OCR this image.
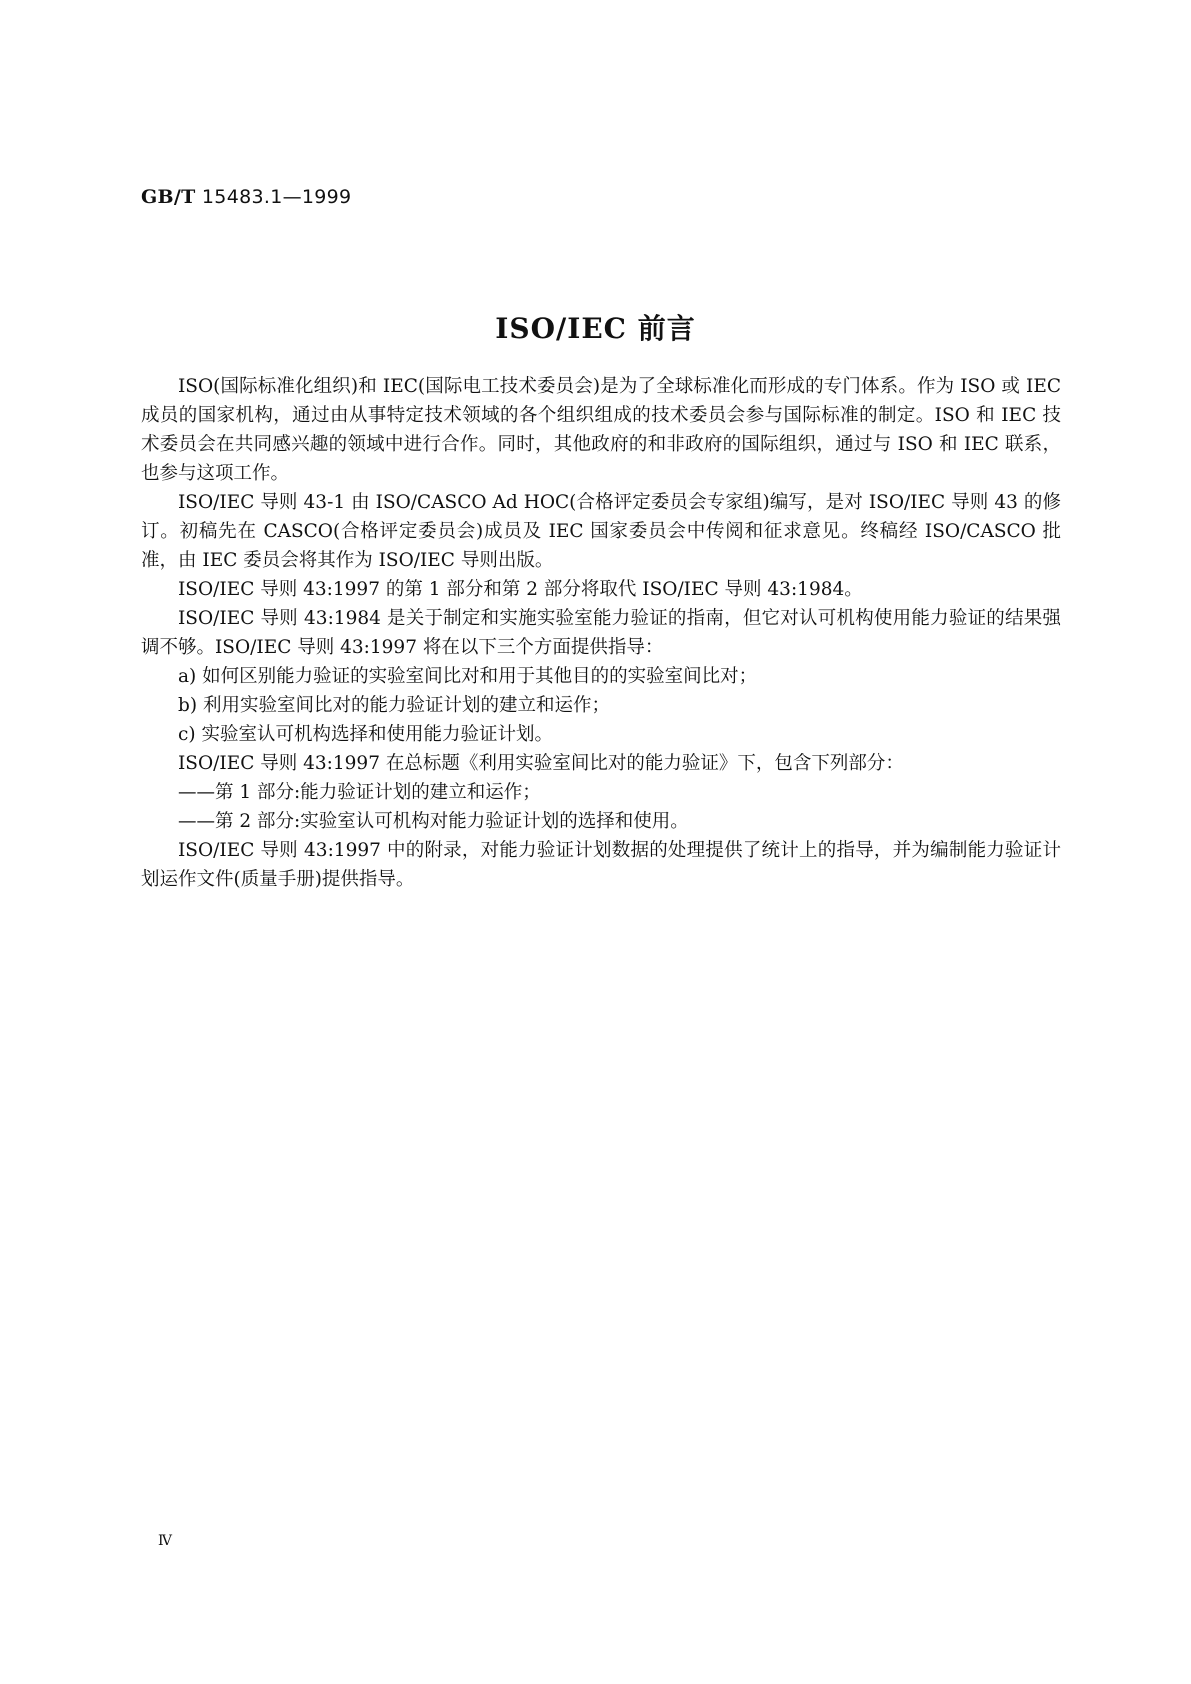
GB/T 15483.1—1999
ISO/IEC 前言

ISO(国际标准化组织)和 IEC(国际电工技术委员会)是为了全球标准化而形成的专门体系。作为 ISO 或 IEC 成员的国家机构，通过由从事特定技术领域的各个组织组成的技术委员会参与国际标准的制定。ISO 和 IEC 技术委员会在共同感兴趣的领域中进行合作。同时，其他政府的和非政府的国际组织，通过与 ISO 和 IEC 联系，也参与这项工作。

ISO/IEC 导则 43-1 由 ISO/CASCO Ad HOC(合格评定委员会专家组)编写，是对 ISO/IEC 导则 43 的修订。初稿先在 CASCO(合格评定委员会)成员及 IEC 国家委员会中传阅和征求意见。终稿经 ISO/CASCO 批准，由 IEC 委员会将其作为 ISO/IEC 导则出版。

ISO/IEC 导则 43:1997 的第 1 部分和第 2 部分将取代 ISO/IEC 导则 43:1984。

ISO/IEC 导则 43:1984 是关于制定和实施实验室能力验证的指南，但它对认可机构使用能力验证的结果强调不够。ISO/IEC 导则 43:1997 将在以下三个方面提供指导：

a) 如何区别能力验证的实验室间比对和用于其他目的的实验室间比对；

b) 利用实验室间比对的能力验证计划的建立和运作；

c) 实验室认可机构选择和使用能力验证计划。

ISO/IEC 导则 43:1997 在总标题《利用实验室间比对的能力验证》下，包含下列部分：

——第 1 部分:能力验证计划的建立和运作；

——第 2 部分:实验室认可机构对能力验证计划的选择和使用。

ISO/IEC 导则 43:1997 中的附录，对能力验证计划数据的处理提供了统计上的指导，并为编制能力验证计划运作文件(质量手册)提供指导。

Ⅳ
